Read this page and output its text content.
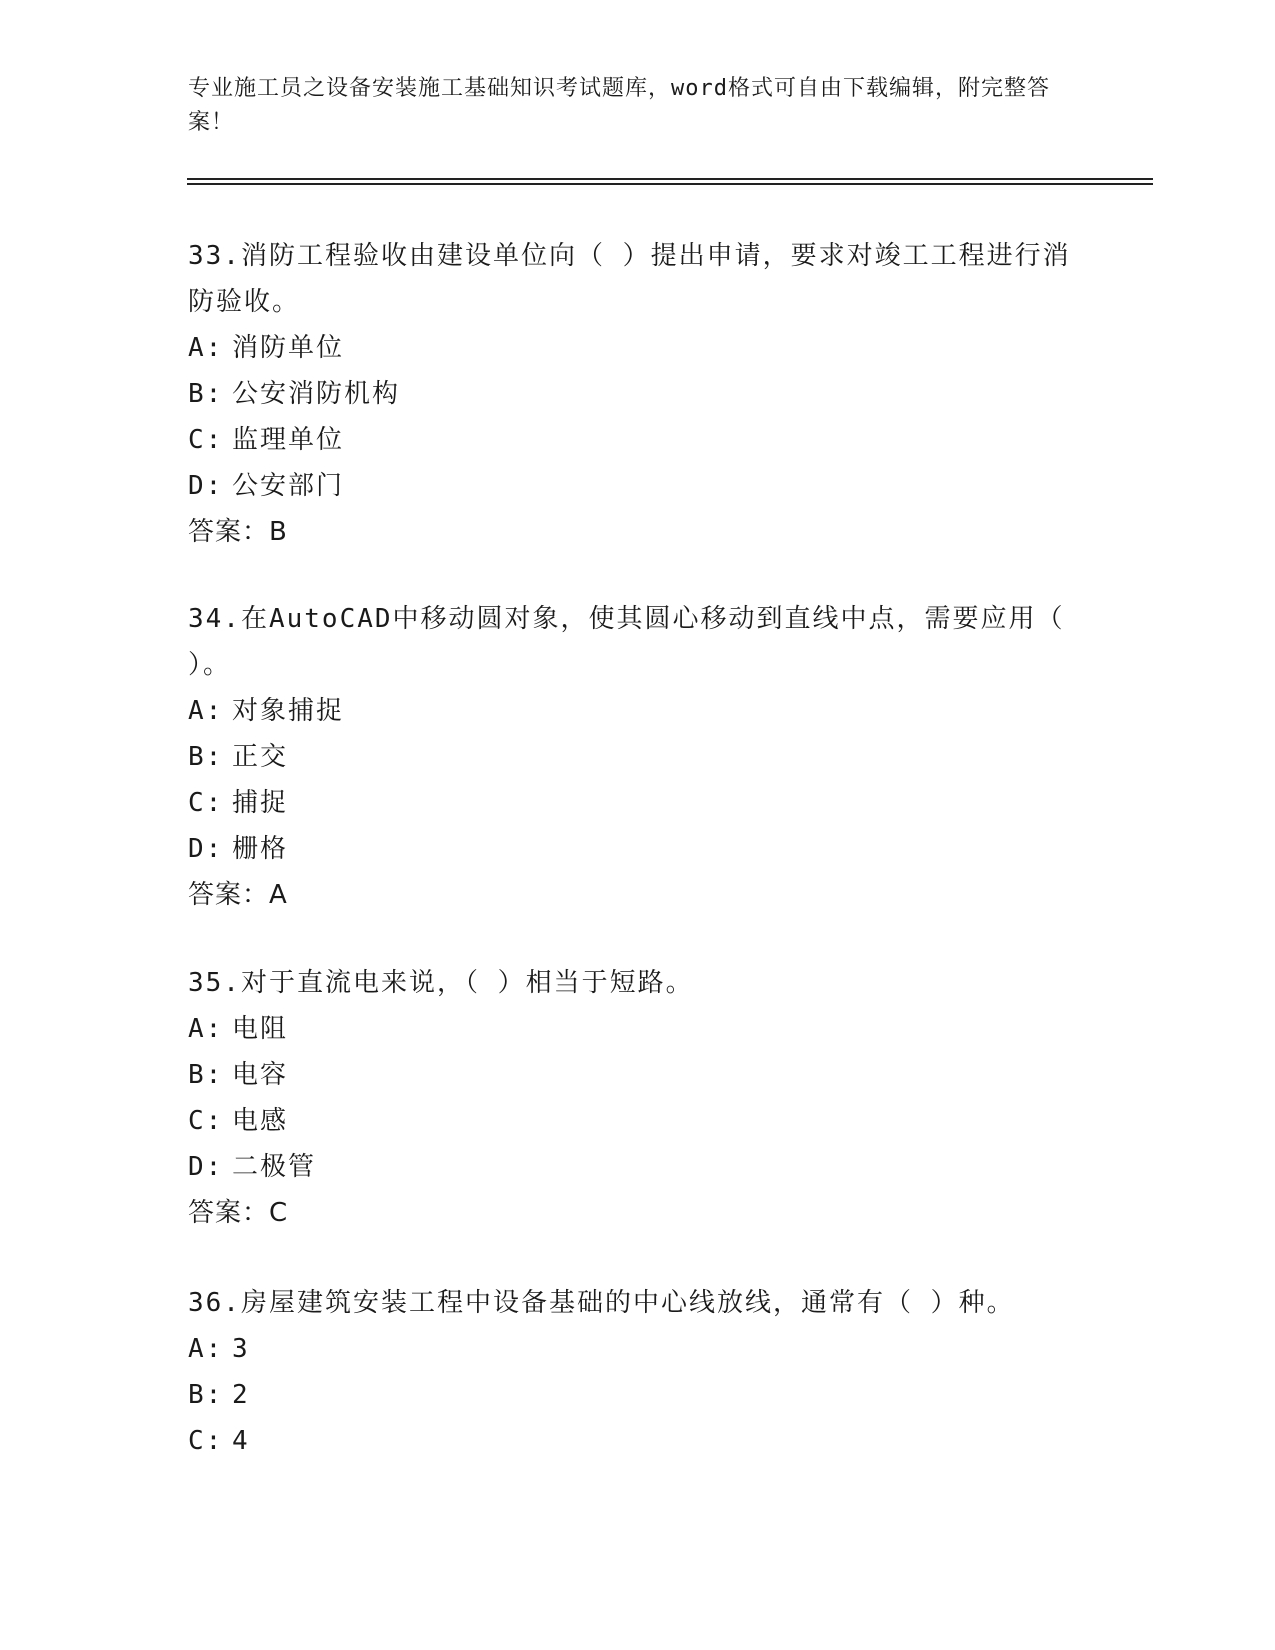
专业施工员之设备安装施工基础知识考试题库，word格式可自由下载编辑，附完整答案！

33.消防工程验收由建设单位向（ ）提出申请，要求对竣工工程进行消防验收。

A: 消防单位
B: 公安消防机构
C: 监理单位
D: 公安部门
答案：B

34.在AutoCAD中移动圆对象，使其圆心移动到直线中点，需要应用（ ）。

A: 对象捕捉
B: 正交
C: 捕捉
D: 栅格
答案：A

35.对于直流电来说，（ ）相当于短路。

A: 电阻
B: 电容
C: 电感
D: 二极管
答案：C

36.房屋建筑安装工程中设备基础的中心线放线，通常有（ ）种。

A: 3
B: 2
C: 4
